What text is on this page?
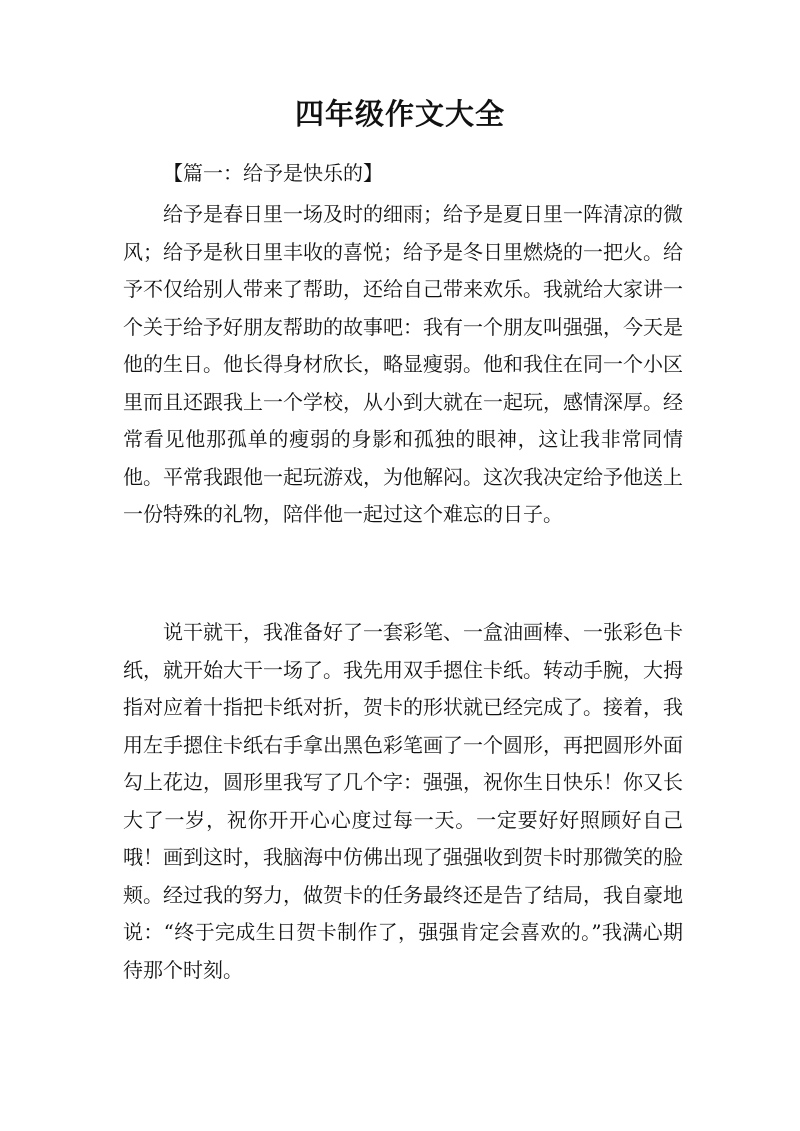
四年级作文大全

【篇一：给予是快乐的】

给予是春日里一场及时的细雨；给予是夏日里一阵清凉的微风；给予是秋日里丰收的喜悦；给予是冬日里燃烧的一把火。给予不仅给别人带来了帮助，还给自己带来欢乐。我就给大家讲一个关于给予好朋友帮助的故事吧：我有一个朋友叫强强，今天是他的生日。他长得身材欣长，略显瘦弱。他和我住在同一个小区里而且还跟我上一个学校，从小到大就在一起玩，感情深厚。经常看见他那孤单的瘦弱的身影和孤独的眼神，这让我非常同情他。平常我跟他一起玩游戏，为他解闷。这次我决定给予他送上一份特殊的礼物，陪伴他一起过这个难忘的日子。

说干就干，我准备好了一套彩笔、一盒油画棒、一张彩色卡纸，就开始大干一场了。我先用双手摁住卡纸。转动手腕，大拇指对应着十指把卡纸对折，贺卡的形状就已经完成了。接着，我用左手摁住卡纸右手拿出黑色彩笔画了一个圆形，再把圆形外面勾上花边，圆形里我写了几个字：强强，祝你生日快乐！你又长大了一岁，祝你开开心心度过每一天。一定要好好照顾好自己哦！画到这时，我脑海中仿佛出现了强强收到贺卡时那微笑的脸颊。经过我的努力，做贺卡的任务最终还是告了结局，我自豪地说：“终于完成生日贺卡制作了，强强肯定会喜欢的。”我满心期待那个时刻。
